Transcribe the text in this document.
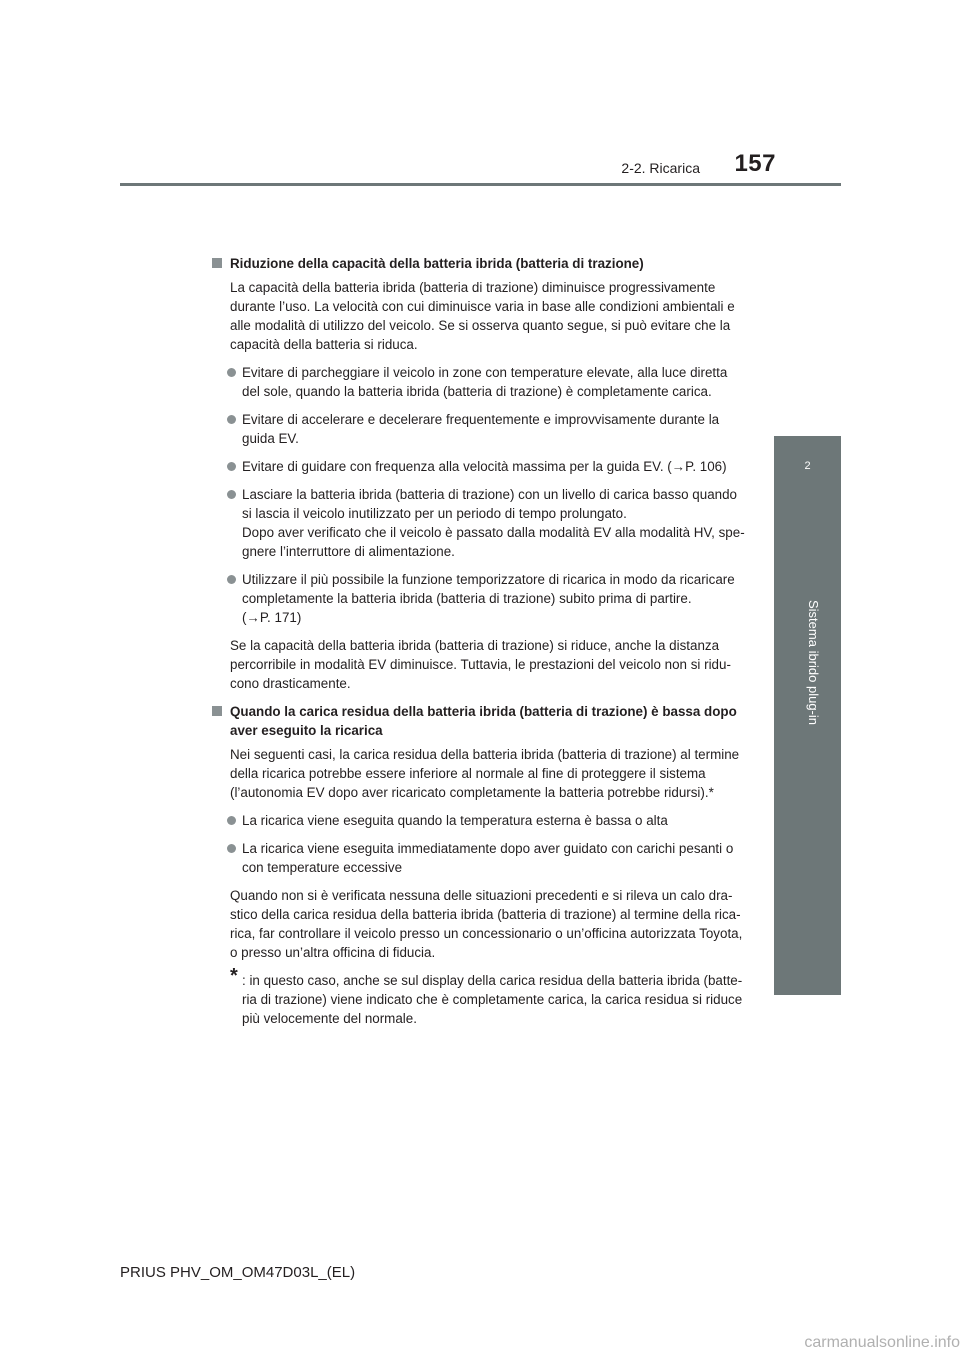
2-2. Ricarica	157
2
Sistema ibrido plug-in
Riduzione della capacità della batteria ibrida (batteria di trazione)
La capacità della batteria ibrida (batteria di trazione) diminuisce progressivamente
durante l’uso. La velocità con cui diminuisce varia in base alle condizioni ambientali e
alle modalità di utilizzo del veicolo. Se si osserva quanto segue, si può evitare che la
capacità della batteria si riduca.
Evitare di parcheggiare il veicolo in zone con temperature elevate, alla luce diretta
del sole, quando la batteria ibrida (batteria di trazione) è completamente carica.
Evitare di accelerare e decelerare frequentemente e improvvisamente durante la
guida EV.
Evitare di guidare con frequenza alla velocità massima per la guida EV. (→P. 106)
Lasciare la batteria ibrida (batteria di trazione) con un livello di carica basso quando
si lascia il veicolo inutilizzato per un periodo di tempo prolungato.
Dopo aver verificato che il veicolo è passato dalla modalità EV alla modalità HV, spe-
gnere l’interruttore di alimentazione.
Utilizzare il più possibile la funzione temporizzatore di ricarica in modo da ricaricare
completamente la batteria ibrida (batteria di trazione) subito prima di partire.
(→P. 171)
Se la capacità della batteria ibrida (batteria di trazione) si riduce, anche la distanza
percorribile in modalità EV diminuisce. Tuttavia, le prestazioni del veicolo non si ridu-
cono drasticamente.
Quando la carica residua della batteria ibrida (batteria di trazione) è bassa dopo
aver eseguito la ricarica
Nei seguenti casi, la carica residua della batteria ibrida (batteria di trazione) al termine
della ricarica potrebbe essere inferiore al normale al fine di proteggere il sistema
(l’autonomia EV dopo aver ricaricato completamente la batteria potrebbe ridursi).*
La ricarica viene eseguita quando la temperatura esterna è bassa o alta
La ricarica viene eseguita immediatamente dopo aver guidato con carichi pesanti o
con temperature eccessive
Quando non si è verificata nessuna delle situazioni precedenti e si rileva un calo dra-
stico della carica residua della batteria ibrida (batteria di trazione) al termine della rica-
rica, far controllare il veicolo presso un concessionario o un’officina autorizzata Toyota,
o presso un’altra officina di fiducia.
* : in questo caso, anche se sul display della carica residua della batteria ibrida (batte-
ria di trazione) viene indicato che è completamente carica, la carica residua si riduce
più velocemente del normale.
PRIUS PHV_OM_OM47D03L_(EL)
carmanualsonline.info
